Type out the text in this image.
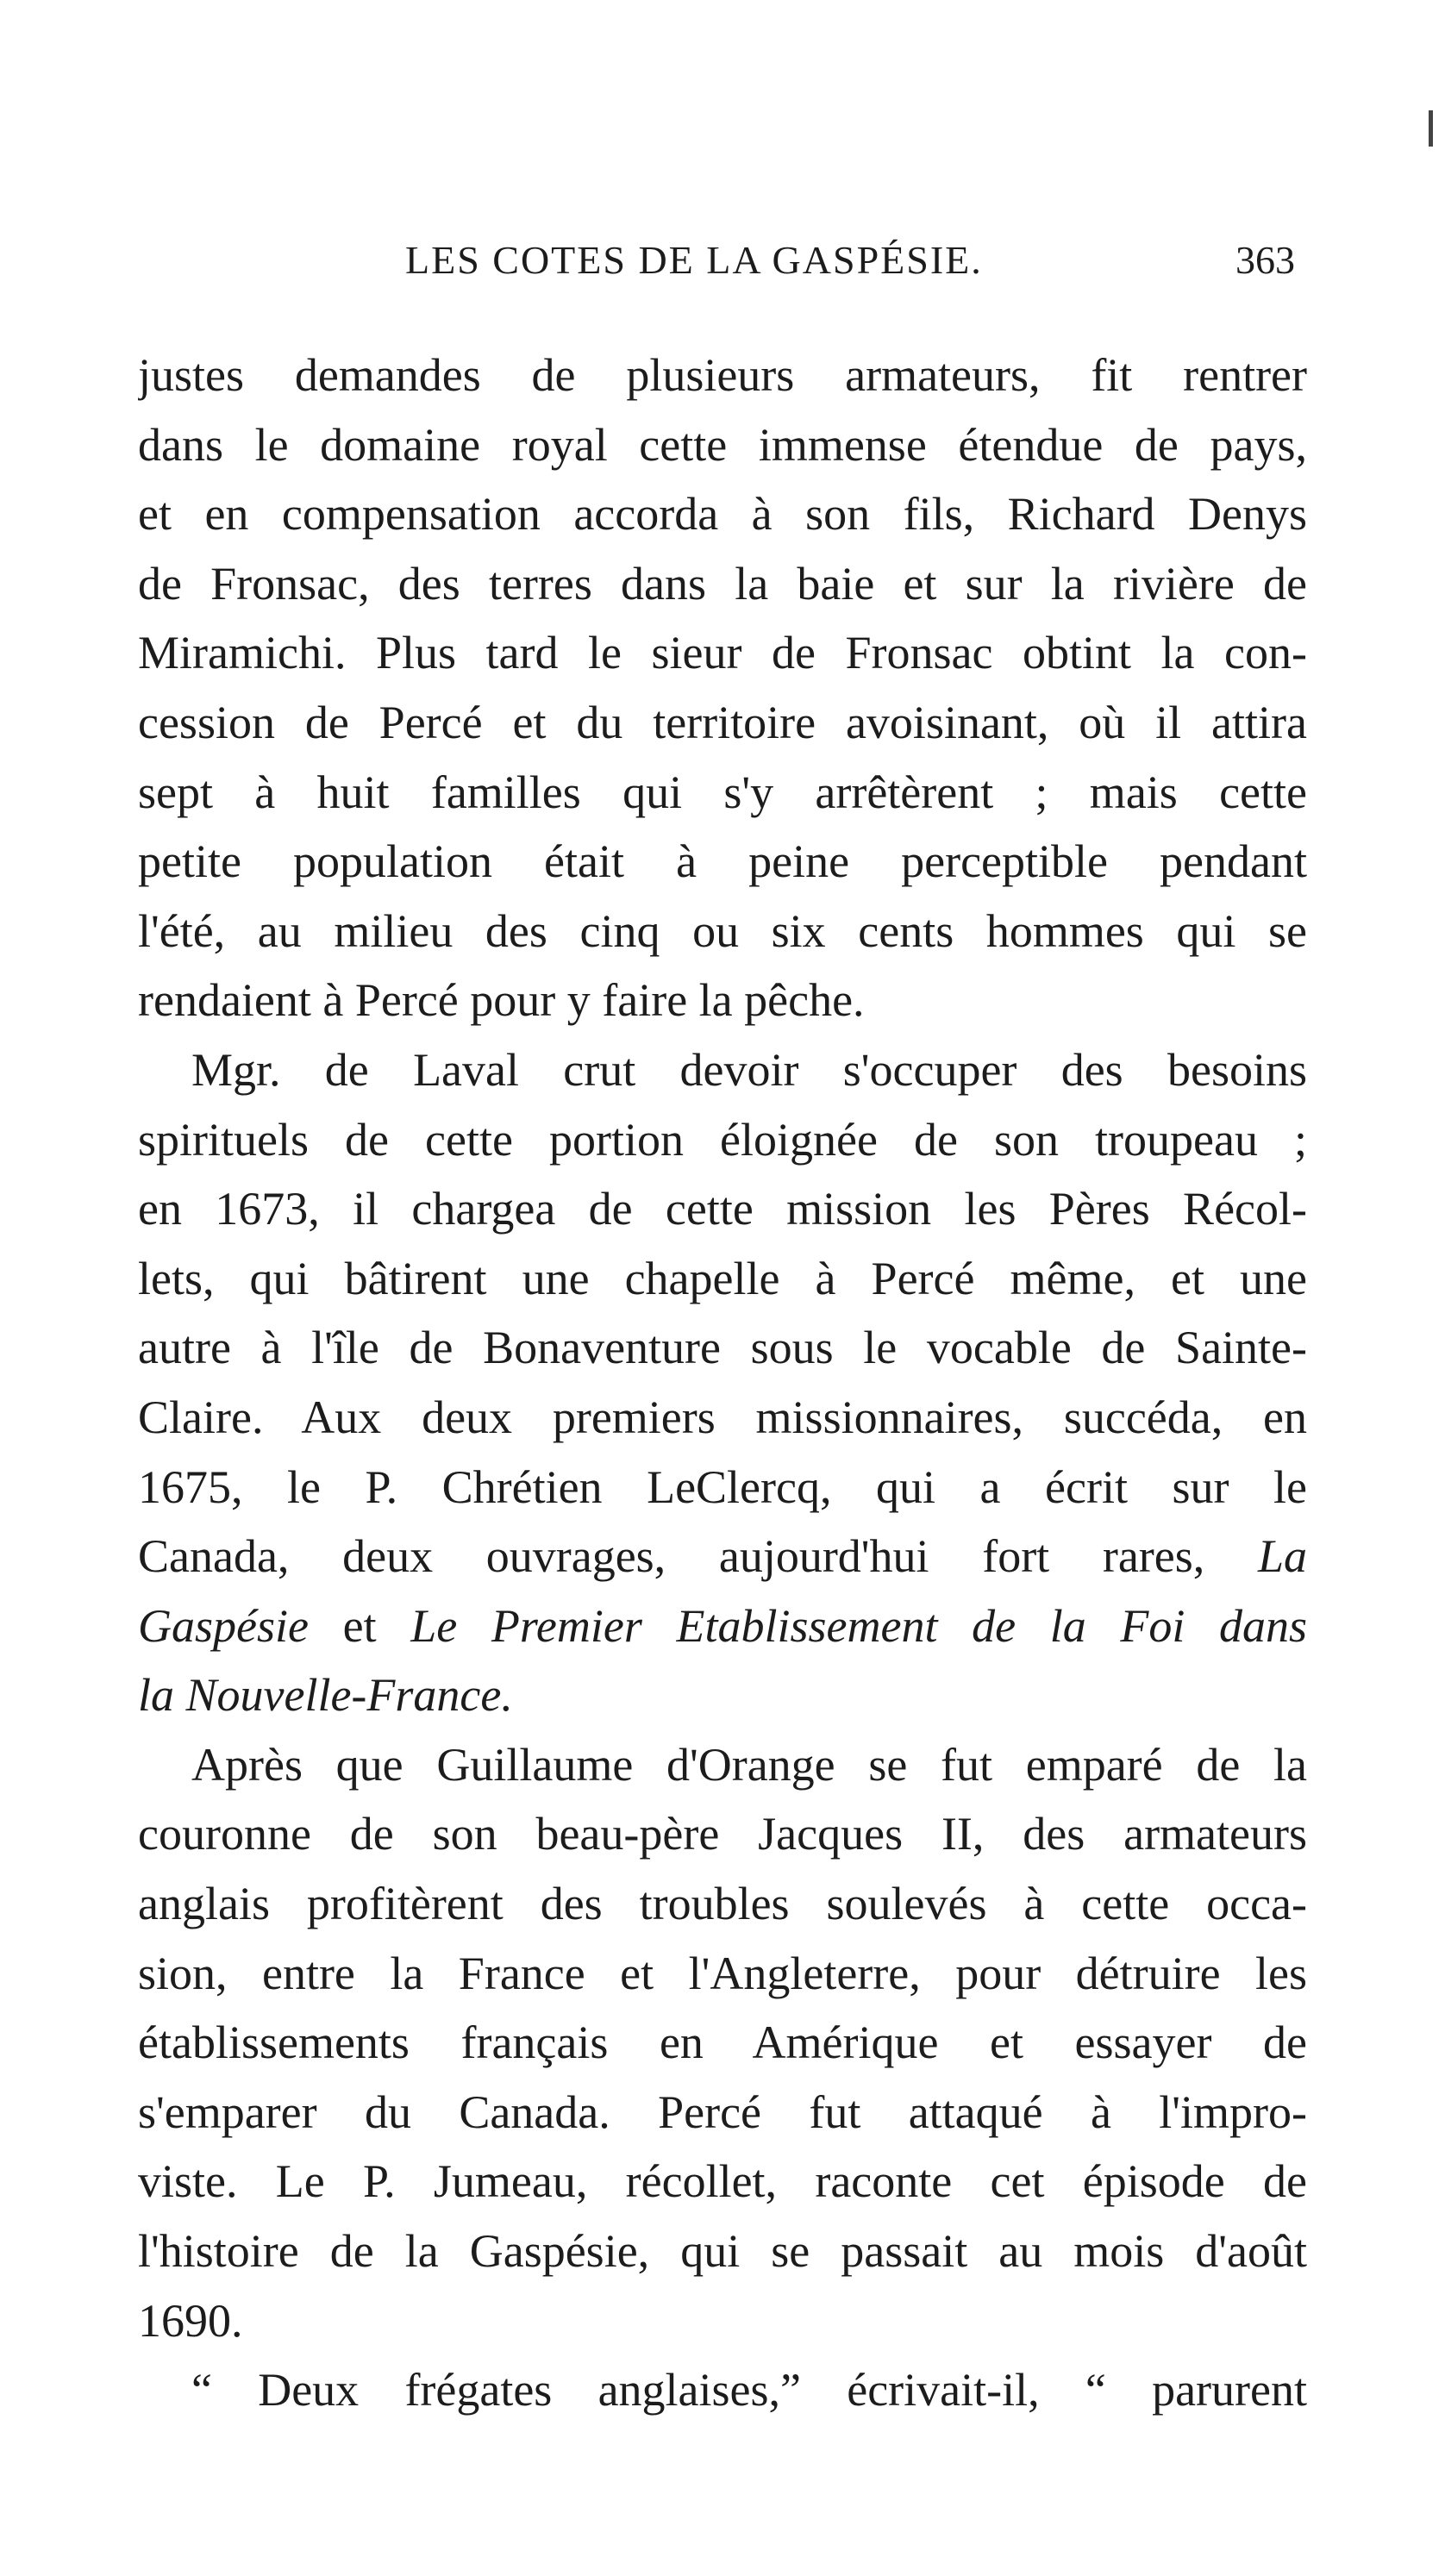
LES COTES DE LA GASPÉSIE.	363
justes demandes de plusieurs armateurs, fit rentrer
dans le domaine royal cette immense étendue de pays,
et en compensation accorda à son fils, Richard Denys
de Fronsac, des terres dans la baie et sur la rivière de
Miramichi. Plus tard le sieur de Fronsac obtint la con-
cession de Percé et du territoire avoisinant, où il attira
sept à huit familles qui s'y arrêtèrent ; mais cette
petite population était à peine perceptible pendant
l'été, au milieu des cinq ou six cents hommes qui se
rendaient à Percé pour y faire la pêche.
Mgr. de Laval crut devoir s'occuper des besoins
spirituels de cette portion éloignée de son troupeau ;
en 1673, il chargea de cette mission les Pères Récol-
lets, qui bâtirent une chapelle à Percé même, et une
autre à l'île de Bonaventure sous le vocable de Sainte-
Claire. Aux deux premiers missionnaires, succéda, en
1675, le P. Chrétien LeClercq, qui a écrit sur le
Canada, deux ouvrages, aujourd'hui fort rares, La
Gaspésie et Le Premier Etablissement de la Foi dans
la Nouvelle-France.
Après que Guillaume d'Orange se fut emparé de la
couronne de son beau-père Jacques II, des armateurs
anglais profitèrent des troubles soulevés à cette occa-
sion, entre la France et l'Angleterre, pour détruire les
établissements français en Amérique et essayer de
s'emparer du Canada. Percé fut attaqué à l'impro-
viste. Le P. Jumeau, récollet, raconte cet épisode de
l'histoire de la Gaspésie, qui se passait au mois d'août
1690.
“ Deux frégates anglaises,” écrivait-il, “ parurent
